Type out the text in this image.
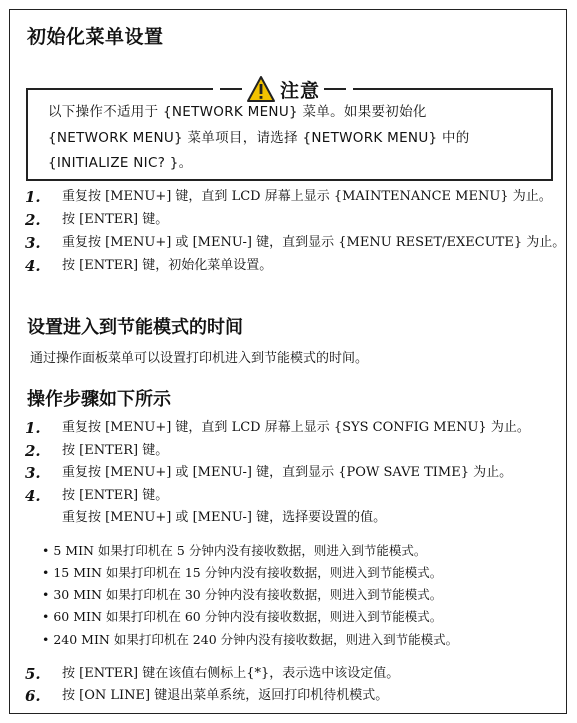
初始化菜单设置
以下操作不适用于 {NETWORK MENU} 菜单。如果要初始化
{NETWORK MENU} 菜单项目，请选择 {NETWORK MENU} 中的
{INITIALIZE NIC? }。
注意
1. 重复按 [MENU+] 键，直到 LCD 屏幕上显示 {MAINTENANCE MENU} 为止。
2. 按 [ENTER] 键。
3. 重复按 [MENU+] 或 [MENU-] 键，直到显示 {MENU RESET/EXECUTE} 为止。
4. 按 [ENTER] 键，初始化菜单设置。
设置进入到节能模式的时间
通过操作面板菜单可以设置打印机进入到节能模式的时间。
操作步骤如下所示
1. 重复按 [MENU+] 键，直到 LCD 屏幕上显示 {SYS CONFIG MENU} 为止。
2. 按 [ENTER] 键。
3. 重复按 [MENU+] 或 [MENU-] 键，直到显示 {POW SAVE TIME} 为止。
4. 按 [ENTER] 键。
重复按 [MENU+] 或 [MENU-] 键，选择要设置的值。
• 5 MIN 如果打印机在 5 分钟内没有接收数据，则进入到节能模式。
• 15 MIN 如果打印机在 15 分钟内没有接收数据，则进入到节能模式。
• 30 MIN 如果打印机在 30 分钟内没有接收数据，则进入到节能模式。
• 60 MIN 如果打印机在 60 分钟内没有接收数据，则进入到节能模式。
• 240 MIN 如果打印机在 240 分钟内没有接收数据，则进入到节能模式。
5. 按 [ENTER] 键在该值右侧标上{*}，表示选中该设定值。
6. 按 [ON LINE] 键退出菜单系统，返回打印机待机模式。
